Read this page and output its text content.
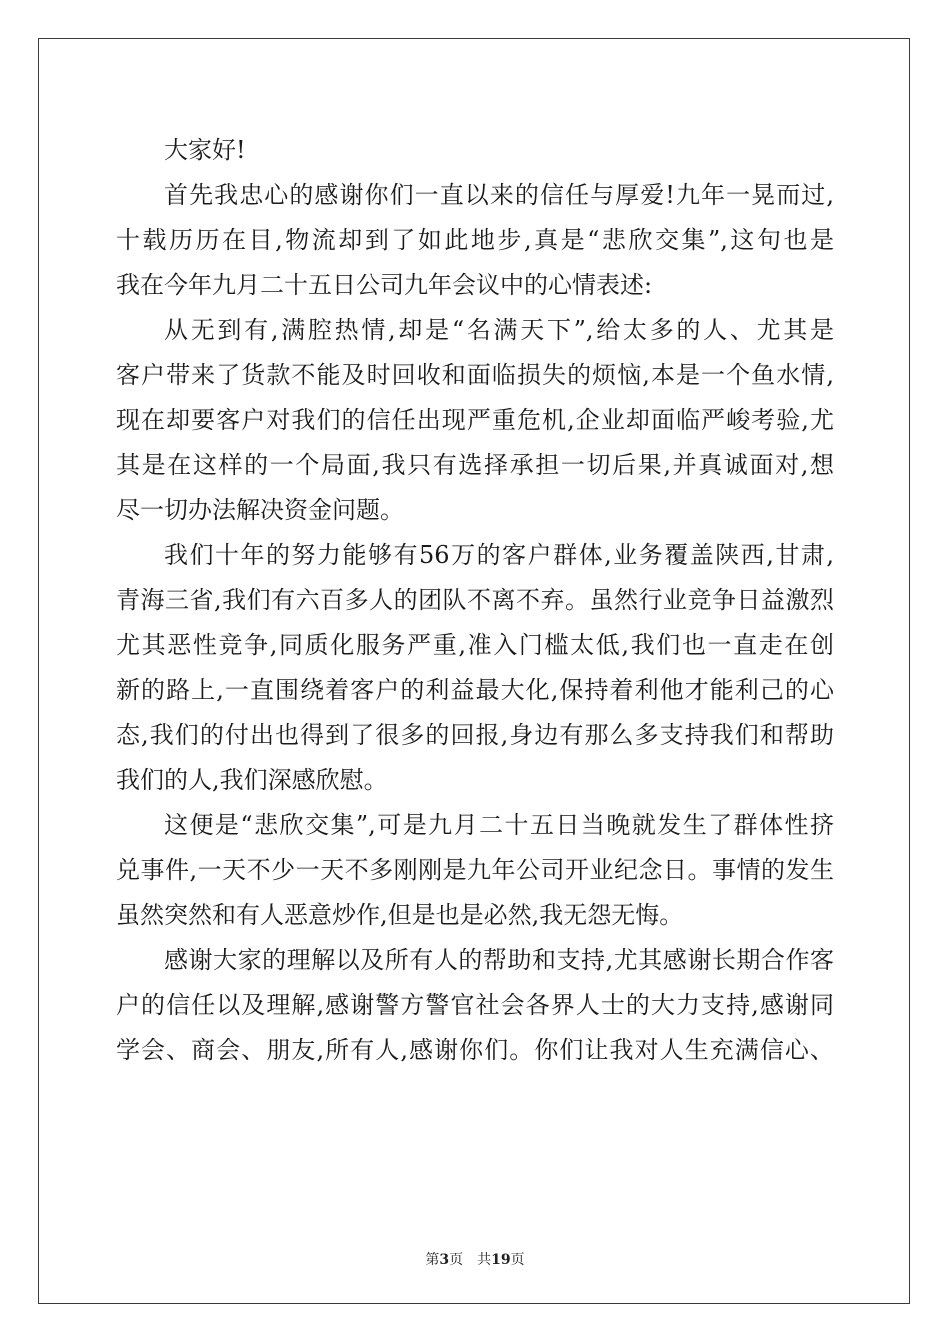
大家好!

首先我忠心的感谢你们一直以来的信任与厚爱!九年一晃而过,
十载历历在目,物流却到了如此地步,真是“悲欣交集”,这句也是
我在今年九月二十五日公司九年会议中的心情表述:

从无到有,满腔热情,却是“名满天下”,给太多的人、尤其是
客户带来了货款不能及时回收和面临损失的烦恼,本是一个鱼水情,
现在却要客户对我们的信任出现严重危机,企业却面临严峻考验,尤
其是在这样的一个局面,我只有选择承担一切后果,并真诚面对,想
尽一切办法解决资金问题。

我们十年的努力能够有56万的客户群体,业务覆盖陕西,甘肃,
青海三省,我们有六百多人的团队不离不弃。虽然行业竞争日益激烈
尤其恶性竞争,同质化服务严重,准入门槛太低,我们也一直走在创
新的路上,一直围绕着客户的利益最大化,保持着利他才能利己的心
态,我们的付出也得到了很多的回报,身边有那么多支持我们和帮助
我们的人,我们深感欣慰。

这便是“悲欣交集”,可是九月二十五日当晚就发生了群体性挤
兑事件,一天不少一天不多刚刚是九年公司开业纪念日。事情的发生
虽然突然和有人恶意炒作,但是也是必然,我无怨无悔。

感谢大家的理解以及所有人的帮助和支持,尤其感谢长期合作客
户的信任以及理解,感谢警方警官社会各界人士的大力支持,感谢同
学会、商会、朋友,所有人,感谢你们。你们让我对人生充满信心、

第3页 共19页
